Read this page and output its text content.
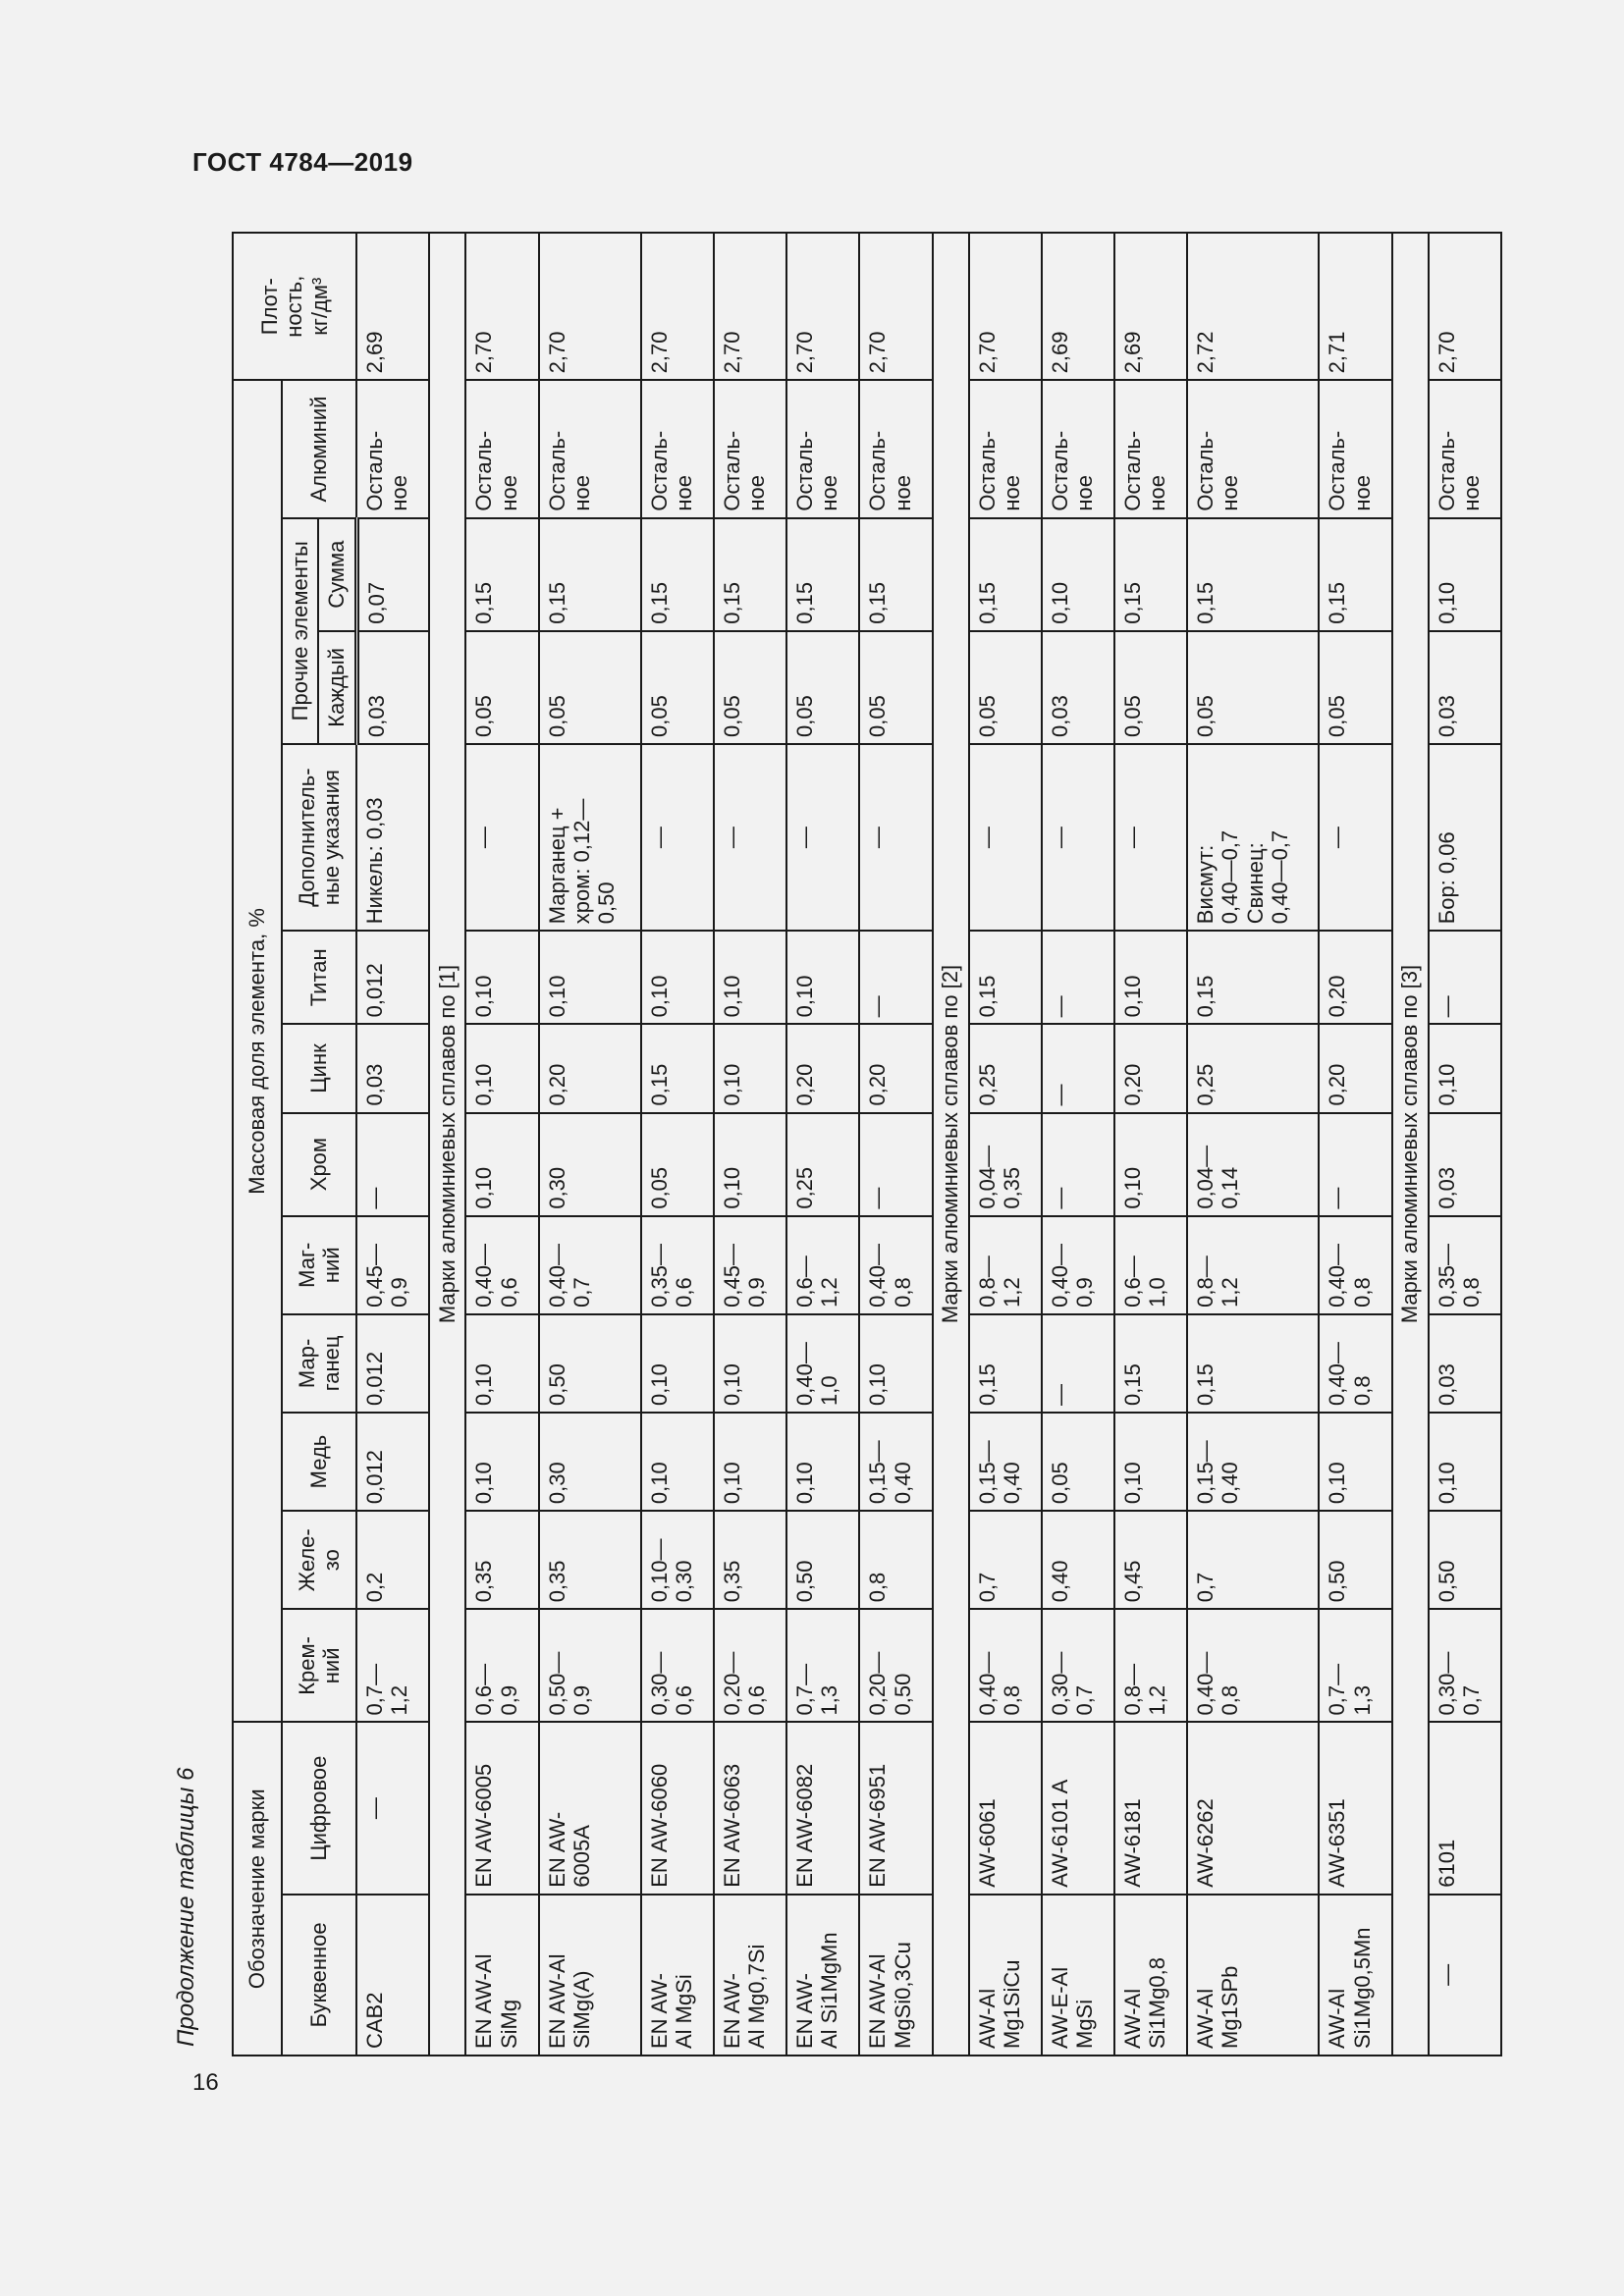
ГОСТ 4784—2019
Продолжение таблицы 6
16
Обозначение марки		Массовая доля элемента, %												Плот-
ность,
кг/дм³
Буквенное	Цифровое	Крем-
ний	Желе-
зо	Медь	Мар-
ганец	Маг-
ний	Хром	Цинк	Титан	Дополнитель-
ные указания	Прочие элементы		Алюминий	
											Каждый	Сумма		
CAB2	—	0,7—
1,2	0,2	0,012	0,012	0,45—
0,9	—	0,03	0,012	Никель: 0,03	0,03	0,07	Осталь-
ное	2,69
Марки алюминиевых сплавов по [1]														
EN AW-Al
SiMg	EN AW-6005	0,6—
0,9	0,35	0,10	0,10	0,40—
0,6	0,10	0,10	0,10	—	0,05	0,15	Осталь-
ное	2,70
EN AW-Al
SiMg(A)	EN AW-
6005A	0,50—
0,9	0,35	0,30	0,50	0,40—
0,7	0,30	0,20	0,10	Марганец +
хром: 0,12—
0,50	0,05	0,15	Осталь-
ное	2,70
EN AW-
Al MgSi	EN AW-6060	0,30—
0,6	0,10—
0,30	0,10	0,10	0,35—
0,6	0,05	0,15	0,10	—	0,05	0,15	Осталь-
ное	2,70
EN AW-
Al Mg0,7Si	EN AW-6063	0,20—
0,6	0,35	0,10	0,10	0,45—
0,9	0,10	0,10	0,10	—	0,05	0,15	Осталь-
ное	2,70
EN AW-
Al Si1MgMn	EN AW-6082	0,7—
1,3	0,50	0,10	0,40—
1,0	0,6—
1,2	0,25	0,20	0,10	—	0,05	0,15	Осталь-
ное	2,70
EN AW-Al
MgSi0,3Cu	EN AW-6951	0,20—
0,50	0,8	0,15—
0,40	0,10	0,40—
0,8	—	0,20	—	—	0,05	0,15	Осталь-
ное	2,70
Марки алюминиевых сплавов по [2]														
AW-Al
Mg1SiCu	AW-6061	0,40—
0,8	0,7	0,15—
0,40	0,15	0,8—
1,2	0,04—
0,35	0,25	0,15	—	0,05	0,15	Осталь-
ное	2,70
AW-E-Al
MgSi	AW-6101 A	0,30—
0,7	0,40	0,05	—	0,40—
0,9	—	—	—	—	0,03	0,10	Осталь-
ное	2,69
AW-Al
Si1Mg0,8	AW-6181	0,8—
1,2	0,45	0,10	0,15	0,6—
1,0	0,10	0,20	0,10	—	0,05	0,15	Осталь-
ное	2,69
AW-Al
Mg1SPb	AW-6262	0,40—
0,8	0,7	0,15—
0,40	0,15	0,8—
1,2	0,04—
0,14	0,25	0,15	Висмут:
0,40—0,7
Свинец:
0,40—0,7	0,05	0,15	Осталь-
ное	2,72
AW-Al
Si1Mg0,5Mn	AW-6351	0,7—
1,3	0,50	0,10	0,40—
0,8	0,40—
0,8	—	0,20	0,20	—	0,05	0,15	Осталь-
ное	2,71
Марки алюминиевых сплавов по [3]														
—	6101	0,30—
0,7	0,50	0,10	0,03	0,35—
0,8	0,03	0,10	—	Бор: 0,06	0,03	0,10	Осталь-
ное	2,70
